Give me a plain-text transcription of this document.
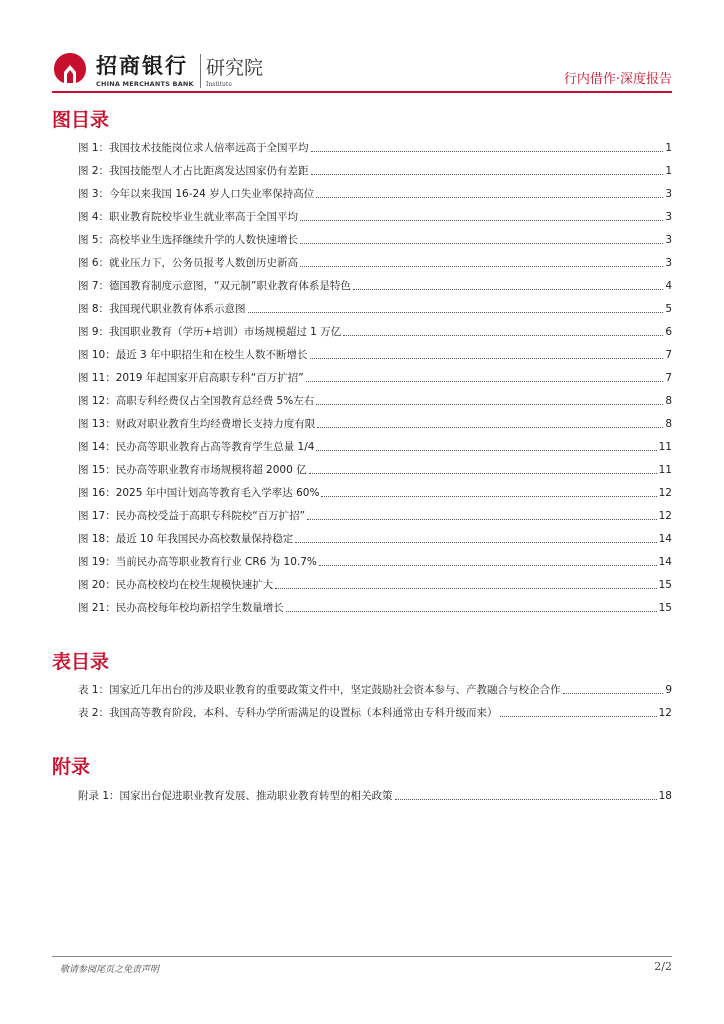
招商银行
CHINA MERCHANTS BANK
研究院
Institute	行内借作·深度报告
图目录
图 1：我国技术技能岗位求人倍率远高于全国平均	1
图 2：我国技能型人才占比距离发达国家仍有差距	1
图 3：今年以来我国 16-24 岁人口失业率保持高位	3
图 4：职业教育院校毕业生就业率高于全国平均	3
图 5：高校毕业生选择继续升学的人数快速增长	3
图 6：就业压力下，公务员报考人数创历史新高	3
图 7：德国教育制度示意图，“双元制”职业教育体系是特色	4
图 8：我国现代职业教育体系示意图	5
图 9：我国职业教育（学历+培训）市场规模超过 1 万亿	6
图 10：最近 3 年中职招生和在校生人数不断增长	7
图 11：2019 年起国家开启高职专科“百万扩招”	7
图 12：高职专科经费仅占全国教育总经费 5%左右	8
图 13：财政对职业教育生均经费增长支持力度有限	8
图 14：民办高等职业教育占高等教育学生总量 1/4	11
图 15：民办高等职业教育市场规模将超 2000 亿	11
图 16：2025 年中国计划高等教育毛入学率达 60%	12
图 17：民办高校受益于高职专科院校“百万扩招”	12
图 18：最近 10 年我国民办高校数量保持稳定	14
图 19：当前民办高等职业教育行业 CR6 为 10.7%	14
图 20：民办高校校均在校生规模快速扩大	15
图 21：民办高校每年校均新招学生数量增长	15
表目录
表 1：国家近几年出台的涉及职业教育的重要政策文件中，坚定鼓励社会资本参与、产教融合与校企合作	9
表 2：我国高等教育阶段，本科、专科办学所需满足的设置标（本科通常由专科升级而来）	12
附录
附录 1：国家出台促进职业教育发展、推动职业教育转型的相关政策	18
敬请参阅尾页之免责声明	2/2
